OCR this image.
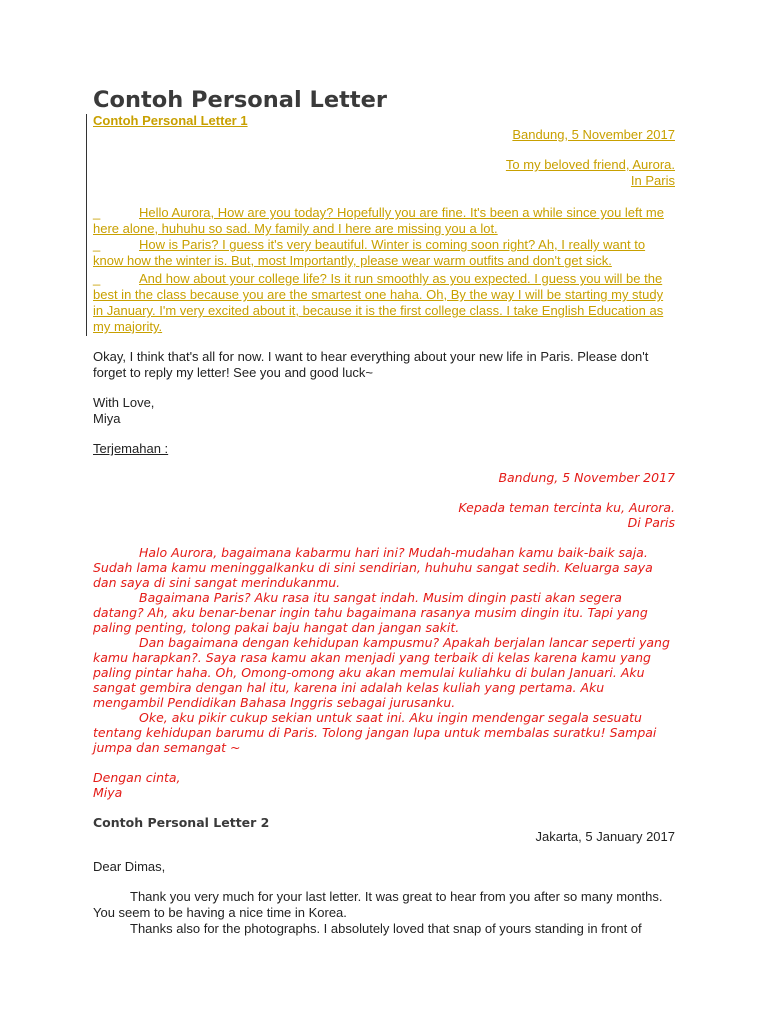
Contoh Personal Letter
Contoh Personal Letter 1
Bandung, 5 November 2017
To my beloved friend, Aurora.
In Paris
_	Hello Aurora, How are you today? Hopefully you are fine. It's been a while since you left me here alone, huhuhu so sad. My family and I here are missing you a lot.
_	How is Paris? I guess it's very beautiful. Winter is coming soon right? Ah, I really want to know how the winter is. But, most Importantly, please wear warm outfits and don't get sick.
_	And how about your college life? Is it run smoothly as you expected. I guess you will be the best in the class because you are the smartest one haha. Oh, By the way I will be starting my study in January. I'm very excited about it, because it is the first college class. I take English Education as my majority.
Okay, I think that's all for now. I want to hear everything about your new life in Paris. Please don't forget to reply my letter! See you and good luck~
With Love,
Miya
Terjemahan :
Bandung, 5 November 2017
Kepada teman tercinta ku, Aurora.
Di Paris
Halo Aurora, bagaimana kabarmu hari ini? Mudah-mudahan kamu baik-baik saja. Sudah lama kamu meninggalkanku di sini sendirian, huhuhu sangat sedih. Keluarga saya dan saya di sini sangat merindukanmu.
Bagaimana Paris? Aku rasa itu sangat indah. Musim dingin pasti akan segera datang? Ah, aku benar-benar ingin tahu bagaimana rasanya musim dingin itu. Tapi yang paling penting, tolong pakai baju hangat dan jangan sakit.
Dan bagaimana dengan kehidupan kampusmu? Apakah berjalan lancar seperti yang kamu harapkan?. Saya rasa kamu akan menjadi yang terbaik di kelas karena kamu yang paling pintar haha. Oh, Omong-omong aku akan memulai kuliahku di bulan Januari. Aku sangat gembira dengan hal itu, karena ini adalah kelas kuliah yang pertama. Aku mengambil Pendidikan Bahasa Inggris sebagai jurusanku.
Oke, aku pikir cukup sekian untuk saat ini. Aku ingin mendengar segala sesuatu tentang kehidupan barumu di Paris. Tolong jangan lupa untuk membalas suratku! Sampai jumpa dan semangat ~
Dengan cinta,
Miya
Contoh Personal Letter 2
Jakarta, 5 January 2017
Dear Dimas,
Thank you very much for your last letter. It was great to hear from you after so many months. You seem to be having a nice time in Korea.
Thanks also for the photographs. I absolutely loved that snap of yours standing in front of
